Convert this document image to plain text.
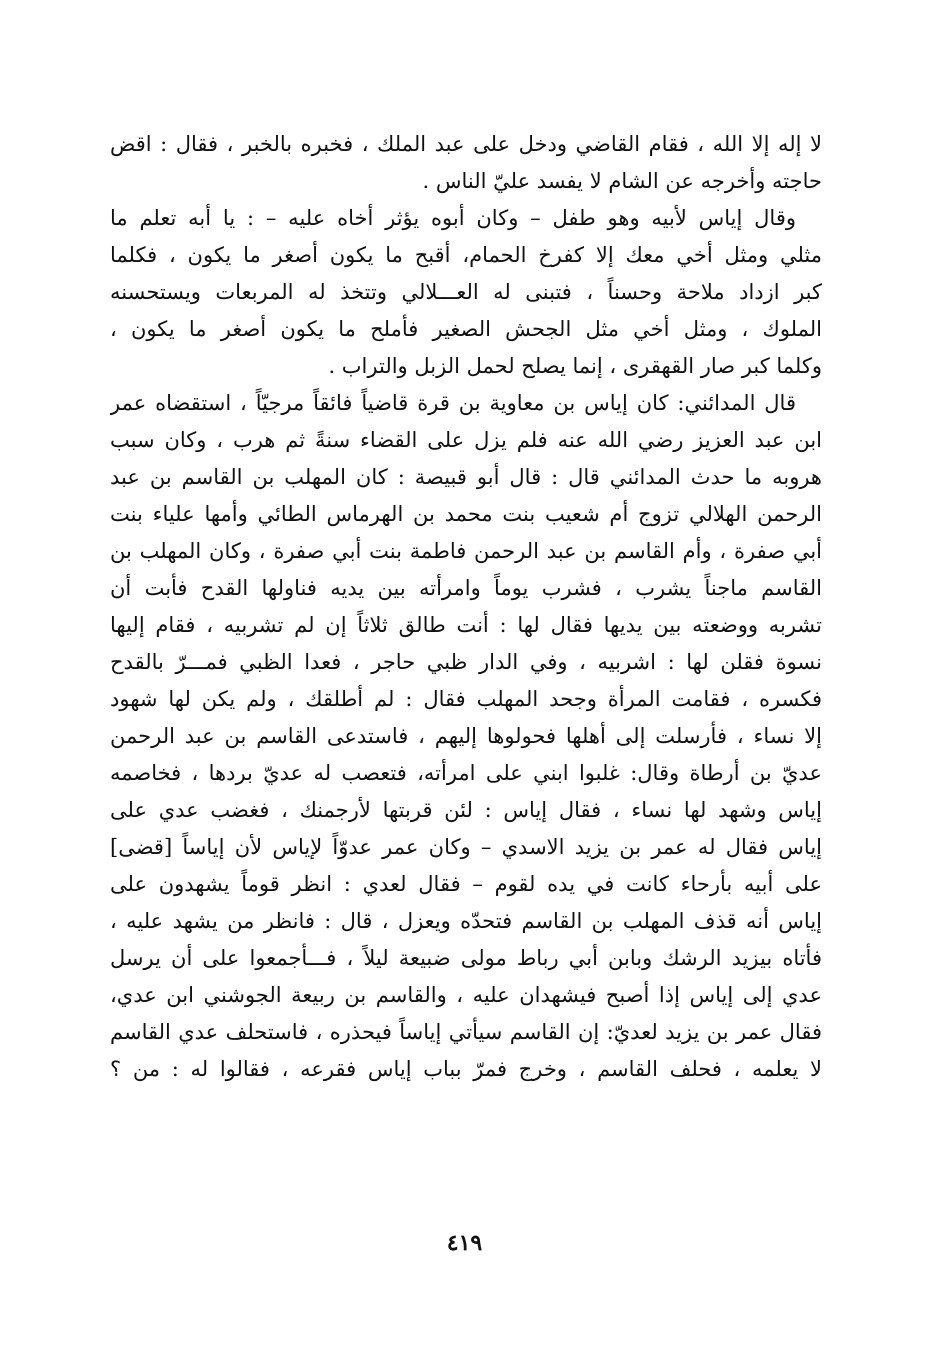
لا إله إلا الله ، فقام القاضي ودخل على عبد الملك ، فخبره بالخبر ، فقال : اقض
حاجته وأخرجه عن الشام لا يفسد عليّ الناس .
وقال إياس لأبيه وهو طفل – وكان أبوه يؤثر أخاه عليه – : يا أبه تعلم ما
مثلي ومثل أخي معك إلا كفرخ الحمام، أقبح ما يكون أصغر ما يكون ، فكلما
كبر ازداد ملاحة وحسناً ، فتبنى له العـــلالي وتتخذ له المربعات ويستحسنه
الملوك ، ومثل أخي مثل الجحش الصغير فأملح ما يكون أصغر ما يكون ،
وكلما كبر صار القهقرى ، إنما يصلح لحمل الزبل والتراب .
قال المدائني: كان إياس بن معاوية بن قرة قاضياً فائقاً مرجيّاً ، استقضاه عمر
ابن عبد العزيز رضي الله عنه فلم يزل على القضاء سنةً ثم هرب ، وكان سبب
هروبه ما حدث المدائني قال : قال أبو قبيصة : كان المهلب بن القاسم بن عبد
الرحمن الهلالي تزوج أم شعيب بنت محمد بن الهرماس الطائي وأمها علياء بنت
أبي صفرة ، وأم القاسم بن عبد الرحمن فاطمة بنت أبي صفرة ، وكان المهلب بن
القاسم ماجناً يشرب ، فشرب يوماً وامرأته بين يديه فناولها القدح فأبت أن
تشربه ووضعته بين يديها فقال لها : أنت طالق ثلاثاً إن لم تشربيه ، فقام إليها
نسوة فقلن لها : اشربيه ، وفي الدار ظبي حاجر ، فعدا الظبي فمـــرّ بالقدح
فكسره ، فقامت المرأة وجحد المهلب فقال : لم أطلقك ، ولم يكن لها شهود
إلا نساء ، فأرسلت إلى أهلها فحولوها إليهم ، فاستدعى القاسم بن عبد الرحمن
عديّ بن أرطاة وقال: غلبوا ابني على امرأته، فتعصب له عديّ بردها ، فخاصمه
إياس وشهد لها نساء ، فقال إياس : لئن قربتها لأرجمنك ، فغضب عدي على
إياس فقال له عمر بن يزيد الاسدي – وكان عمر عدوّاً لإياس لأن إياساً [قضى]
على أبيه بأرحاء كانت في يده لقوم – فقال لعدي : انظر قوماً يشهدون على
إياس أنه قذف المهلب بن القاسم فتحدّه ويعزل ، قال : فانظر من يشهد عليه ،
فأتاه بيزيد الرشك وبابن أبي رباط مولى ضبيعة ليلاً ، فـــأجمعوا على أن يرسل
عدي إلى إياس إذا أصبح فيشهدان عليه ، والقاسم بن ربيعة الجوشني ابن عدي،
فقال عمر بن يزيد لعديّ: إن القاسم سيأتي إياساً فيحذره ، فاستحلف عدي القاسم
لا يعلمه ، فحلف القاسم ، وخرج فمرّ بباب إياس فقرعه ، فقالوا له : من ؟
٤١٩
